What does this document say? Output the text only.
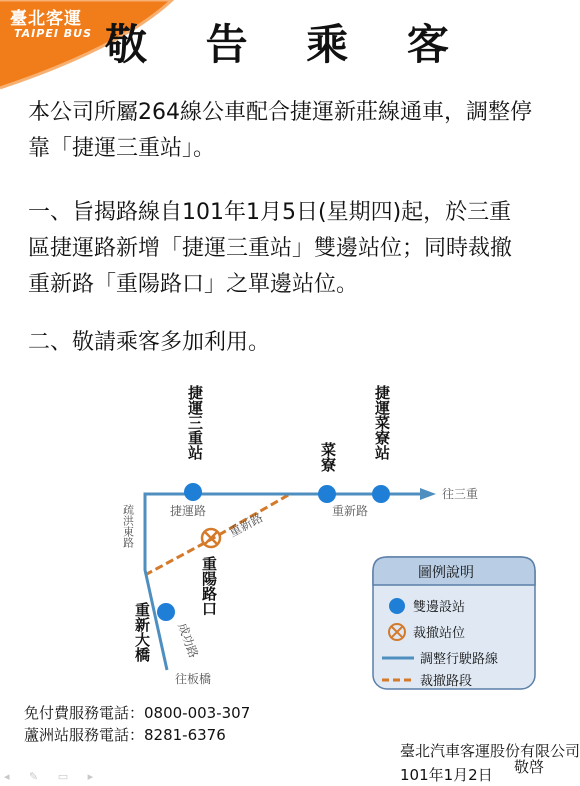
臺北客運
TAIPEI BUS 敬 告 乘 客
本公司所屬264線公車配合捷運新莊線通車，調整停靠「捷運三重站」。
一、旨揭路線自101年1月5日(星期四)起，於三重區捷運路新增「捷運三重站」雙邊站位；同時裁撤重新路「重陽路口」之單邊站位。
二、敬請乘客多加利用。
捷運三重站	菜寮 捷運菜寮站
重陽路口
重新大橋
往三重
往板橋
疏洪東路	捷運路 重新路	重新路
成功路
圖例說明
雙邊設站
裁撤站位
調整行駛路線
裁撤路段
免付費服務電話：0800-003-307
蘆洲站服務電話：8281-6376
臺北汽車客運股份有限公司
101年1月2日 敬啓
◂ ✎ ▭ ▸
